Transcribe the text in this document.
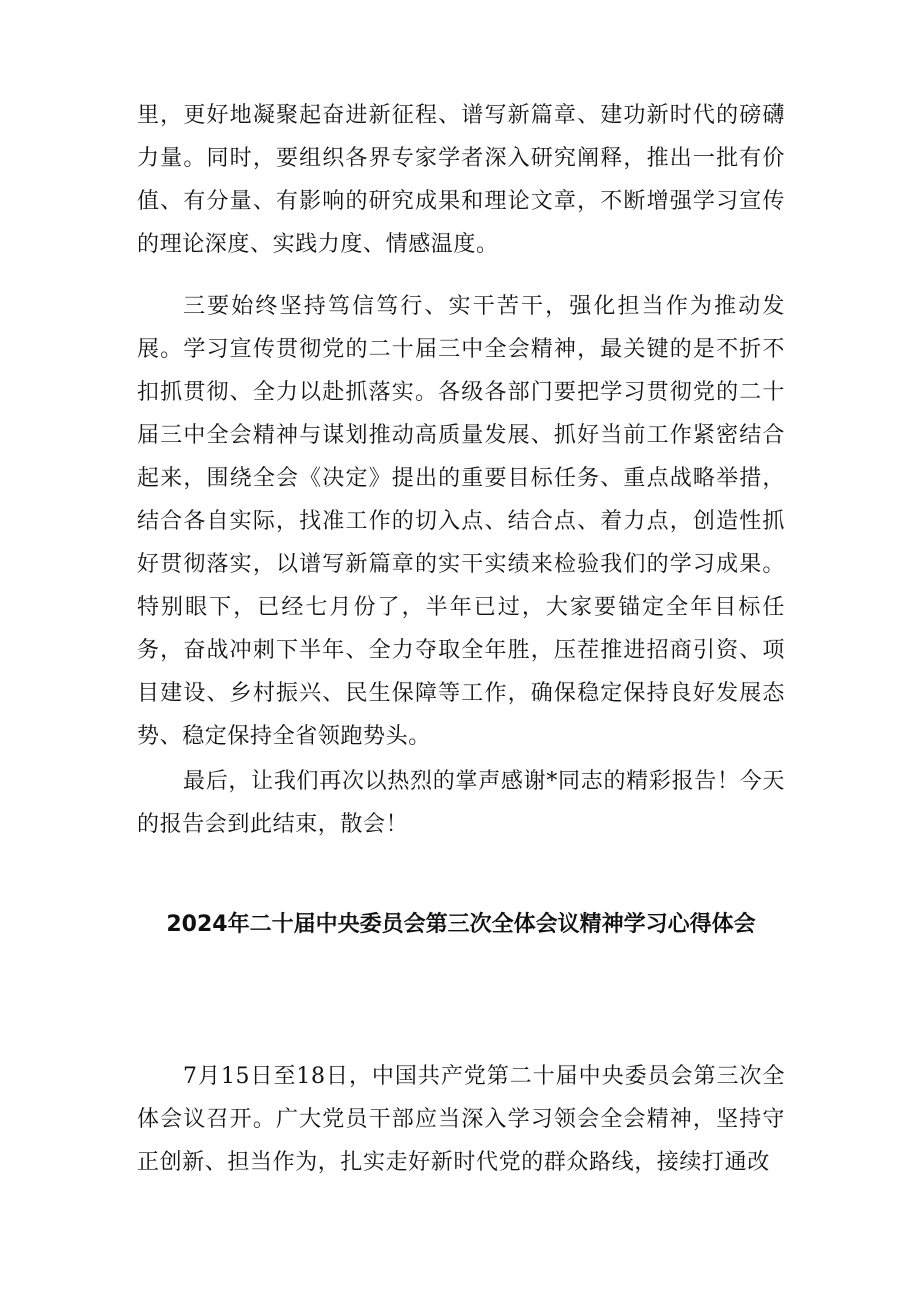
里，更好地凝聚起奋进新征程、谱写新篇章、建功新时代的磅礴力量。同时，要组织各界专家学者深入研究阐释，推出一批有价值、有分量、有影响的研究成果和理论文章，不断增强学习宣传的理论深度、实践力度、情感温度。

三要始终坚持笃信笃行、实干苦干，强化担当作为推动发展。学习宣传贯彻党的二十届三中全会精神，最关键的是不折不扣抓贯彻、全力以赴抓落实。各级各部门要把学习贯彻党的二十届三中全会精神与谋划推动高质量发展、抓好当前工作紧密结合起来，围绕全会《决定》提出的重要目标任务、重点战略举措，结合各自实际，找准工作的切入点、结合点、着力点，创造性抓好贯彻落实，以谱写新篇章的实干实绩来检验我们的学习成果。特别眼下，已经七月份了，半年已过，大家要锚定全年目标任务，奋战冲刺下半年、全力夺取全年胜，压茬推进招商引资、项目建设、乡村振兴、民生保障等工作，确保稳定保持良好发展态势、稳定保持全省领跑势头。

最后，让我们再次以热烈的掌声感谢*同志的精彩报告！今天的报告会到此结束，散会！

2024年二十届中央委员会第三次全体会议精神学习心得体会

7月15日至18日，中国共产党第二十届中央委员会第三次全体会议召开。广大党员干部应当深入学习领会全会精神，坚持守正创新、担当作为，扎实走好新时代党的群众路线，接续打通改
